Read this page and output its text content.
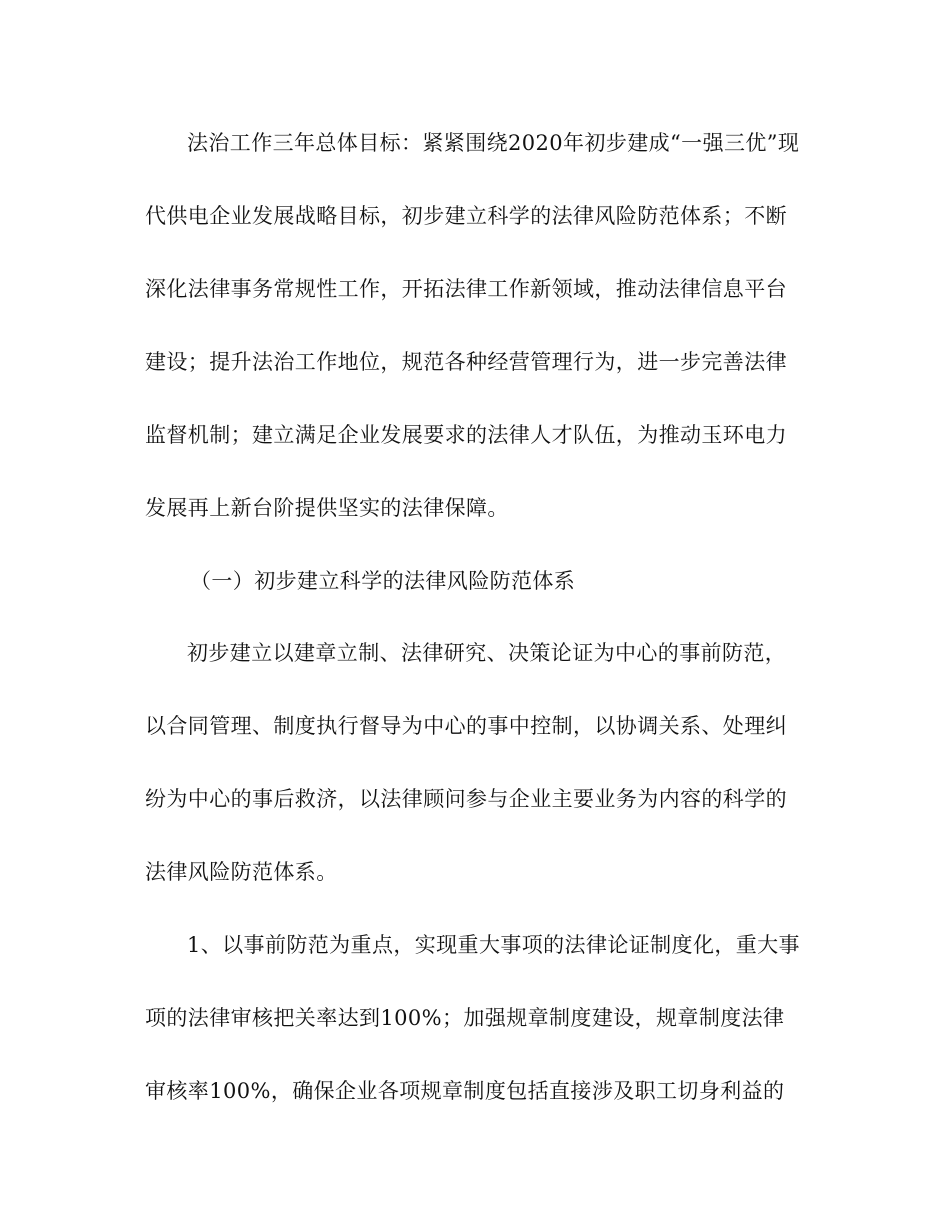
法治工作三年总体目标：紧紧围绕2020年初步建成“一强三优”现
代供电企业发展战略目标，初步建立科学的法律风险防范体系；不断
深化法律事务常规性工作，开拓法律工作新领域，推动法律信息平台
建设；提升法治工作地位，规范各种经营管理行为，进一步完善法律
监督机制；建立满足企业发展要求的法律人才队伍，为推动玉环电力
发展再上新台阶提供坚实的法律保障。
（一）初步建立科学的法律风险防范体系
初步建立以建章立制、法律研究、决策论证为中心的事前防范，
以合同管理、制度执行督导为中心的事中控制，以协调关系、处理纠
纷为中心的事后救济，以法律顾问参与企业主要业务为内容的科学的
法律风险防范体系。
1、以事前防范为重点，实现重大事项的法律论证制度化，重大事
项的法律审核把关率达到100%；加强规章制度建设，规章制度法律
审核率100%，确保企业各项规章制度包括直接涉及职工切身利益的
